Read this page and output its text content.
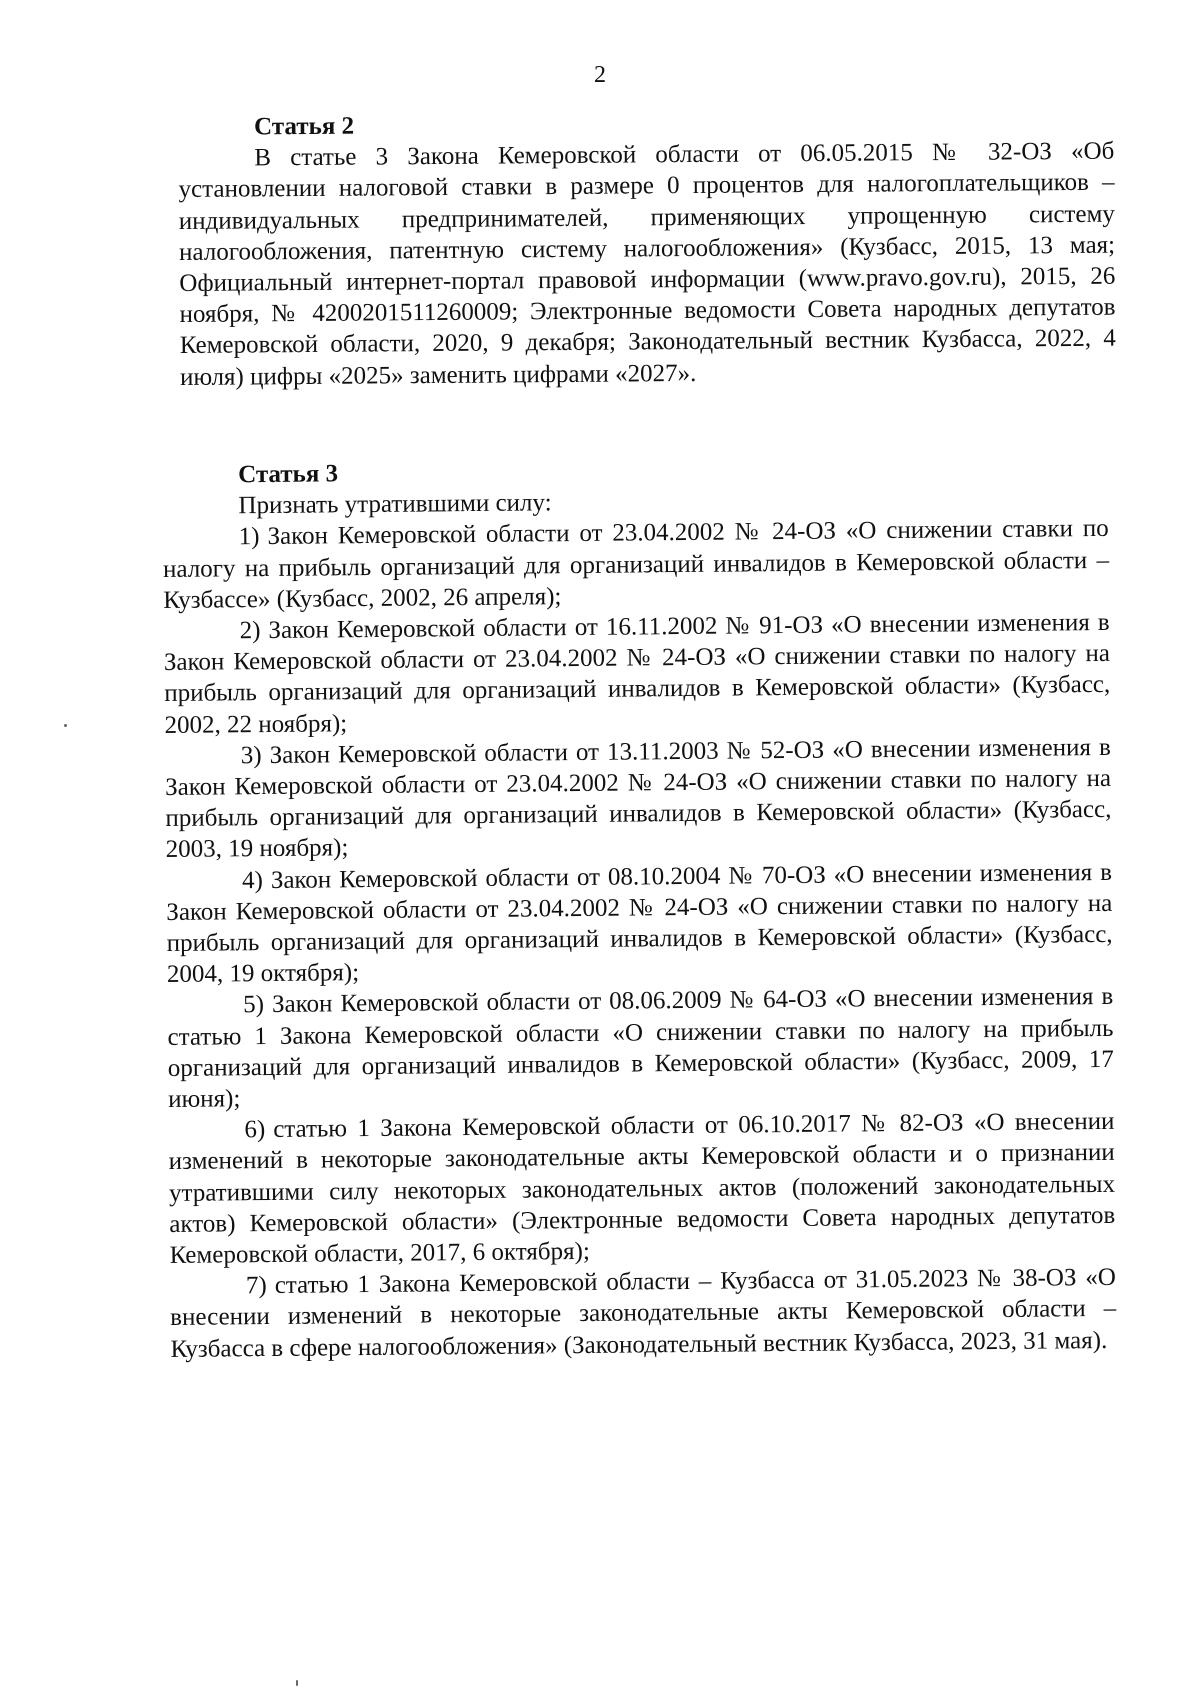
2
Статья 2

В статье 3 Закона Кемеровской области от 06.05.2015 № 32-ОЗ «Об установлении налоговой ставки в размере 0 процентов для налогоплательщиков – индивидуальных предпринимателей, применяющих упрощенную систему налогообложения, патентную систему налогообложения» (Кузбасс, 2015, 13 мая; Официальный интернет-портал правовой информации (www.pravo.gov.ru), 2015, 26 ноября, № 4200201511260009; Электронные ведомости Совета народных депутатов Кемеровской области, 2020, 9 декабря; Законодательный вестник Кузбасса, 2022, 4 июля) цифры «2025» заменить цифрами «2027».

Статья 3

Признать утратившими силу:

1) Закон Кемеровской области от 23.04.2002 № 24-ОЗ «О снижении ставки по налогу на прибыль организаций для организаций инвалидов в Кемеровской области – Кузбассе» (Кузбасс, 2002, 26 апреля);
2) Закон Кемеровской области от 16.11.2002 № 91-ОЗ «О внесении изменения в Закон Кемеровской области от 23.04.2002 № 24-ОЗ «О снижении ставки по налогу на прибыль организаций для организаций инвалидов в Кемеровской области» (Кузбасс, 2002, 22 ноября);
3) Закон Кемеровской области от 13.11.2003 № 52-ОЗ «О внесении изменения в Закон Кемеровской области от 23.04.2002 № 24-ОЗ «О снижении ставки по налогу на прибыль организаций для организаций инвалидов в Кемеровской области» (Кузбасс, 2003, 19 ноября);
4) Закон Кемеровской области от 08.10.2004 № 70-ОЗ «О внесении изменения в Закон Кемеровской области от 23.04.2002 № 24-ОЗ «О снижении ставки по налогу на прибыль организаций для организаций инвалидов в Кемеровской области» (Кузбасс, 2004, 19 октября);
5) Закон Кемеровской области от 08.06.2009 № 64-ОЗ «О внесении изменения в статью 1 Закона Кемеровской области «О снижении ставки по налогу на прибыль организаций для организаций инвалидов в Кемеровской области» (Кузбасс, 2009, 17 июня);
6) статью 1 Закона Кемеровской области от 06.10.2017 № 82-ОЗ «О внесении изменений в некоторые законодательные акты Кемеровской области и о признании утратившими силу некоторых законодательных актов (положений законодательных актов) Кемеровской области» (Электронные ведомости Совета народных депутатов Кемеровской области, 2017, 6 октября);
7) статью 1 Закона Кемеровской области – Кузбасса от 31.05.2023 № 38-ОЗ «О внесении изменений в некоторые законодательные акты Кемеровской области – Кузбасса в сфере налогообложения» (Законодательный вестник Кузбасса, 2023, 31 мая).
